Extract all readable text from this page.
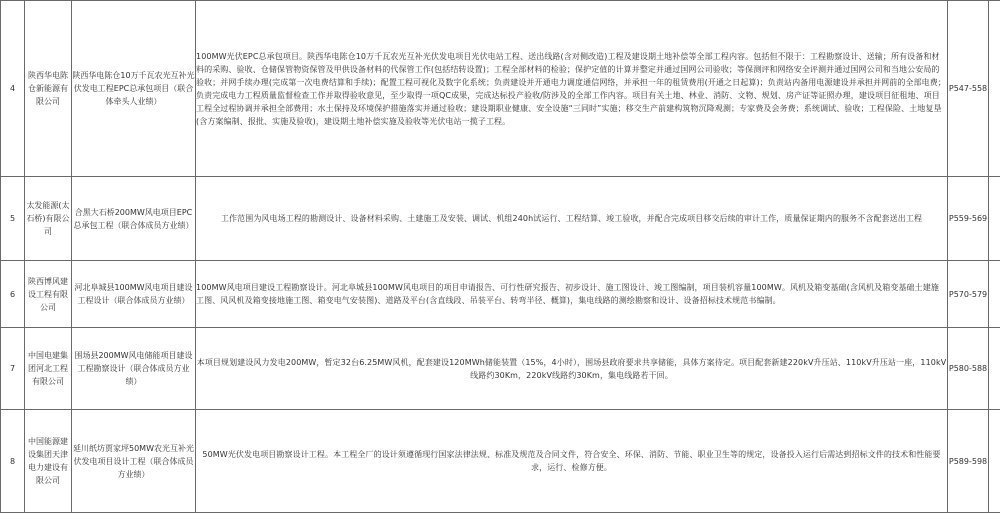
4	陕西华电陈仓新能源有限公司	陕西华电陈仓10万千瓦农光互补光伏发电工程EPC总承包项目（联合体牵头人业绩）	100MW光伏EPC总承包项目。陕西华电陈仓10万千瓦农光互补光伏发电项目光伏电站工程、送出线路(含对侧改造)工程及建设期土地补偿等全部工程内容。包括但不限于：工程勘察设计、送输；所有设备和材料的采购、验收、仓储保管物资保管及甲供设备材料的代保管工作(包括结转设置)；工程全部材料的检验；保护定值的计算并整定并通过国网公司验收；等保测评和网络安全评测并通过国网公司和当地公安局的验收；并网手续办理(完成第一次电费结算和手续)；配置工程可视化及数字化系统；负责建设并开通电力调度通信网络，并承担一年的租赁费用(开通之日起算)；负责站内备用电源建设并承担并网前的全部电费；负责完成电力工程质量监督检查工作并取得验收意见，至少取得一项QC成果，完成达标投产验收/防涉及的全部工作内容。项目有关土地、林业、消防、文物、规划、房产证等证照办理，建设项目征租地、项目工程全过程协调并承担全部费用；水土保持及环境保护措施落实并通过验收；建设期职业健康、安全设施“三同时”实施；移交生产前建构筑物沉降观测；专家费及会务费；系统调试、验收；工程保险、土地复垦(含方案编制、报批、实施及验收)，建设期土地补偿实施及验收等光伏电站一揽子工程。	P547-558	
5	太发能源(太石桥)有限公司	合黑大石桥200MW风电项目EPC总承包工程（联合体成员方业绩）	工作范围为风电场工程的勘测设计、设备材料采购、土建施工及安装、调试、机组240h试运行、工程结算、竣工验收，并配合完成项目移交后续的审计工作，质量保证期内的服务不含配套送出工程	P559-569	
6	陕西博风建设工程有限公司	河北阜城县100MW风电项目建设工程设计（联合体成员方业绩）	100MW风电项目建设工程勘察设计。河北阜城县100MW风电项目的项目申请报告、可行性研究报告、初步设计、施工图设计、竣工图编制，项目装机容量100MW。风机及箱变基础(含风机及箱变基础土建施工图、风风机及箱变接地施工图、箱变电气安装图)、道路及平台(含直线段、吊装平台、转弯半径、概算)，集电线路的测绘勘察和设计、设备招标技术规范书编制。	P570-579	
7	中国电建集团河北工程有限公司	围场县200MW风电储能项目建设工程勘察设计（联合体成员方业绩）	本项目规划建设风力发电200MW，暂定32台6.25MW风机，配套建设120MWh储能装置（15%，4小时），围场县政府要求共享储能，具体方案待定。项目配套新建220kV升压站、110kV升压站一座，110kV线路约30Km，220kV线路约30Km，集电线路若干回。	P580-588	
8	中国能源建设集团天津电力建设有限公司	延川纸坊贾家坪50MW农光互补光伏发电项目设计工程（联合体成员方业绩）	50MW光伏发电项目勘察设计工程。本工程全厂的设计须遵循现行国家法律法规、标准及规范及合同文件，符合安全、环保、消防、节能、职业卫生等的规定，设备投入运行后需达到招标文件的技术和性能要求，运行、检修方便。	P589-598	
